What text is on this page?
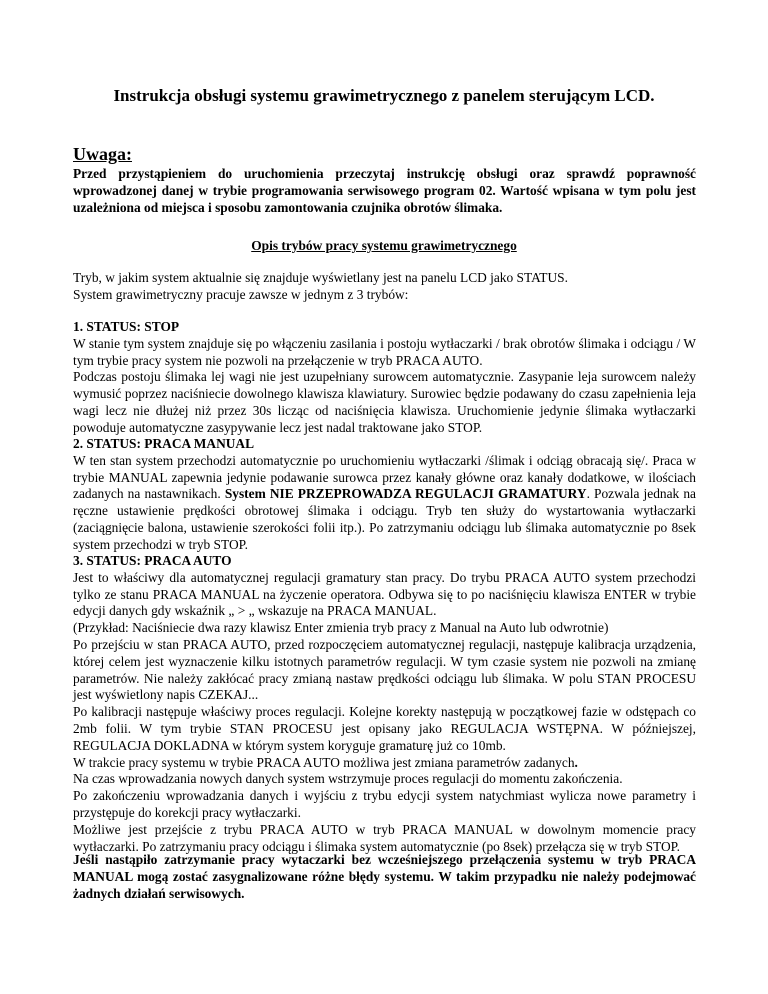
Instrukcja obsługi systemu grawimetrycznego z panelem sterującym LCD.
Uwaga:

Przed przystąpieniem do uruchomienia przeczytaj instrukcję obsługi oraz sprawdź poprawność wprowadzonej danej w trybie programowania serwisowego program 02. Wartość wpisana w tym polu jest uzależniona od miejsca i sposobu zamontowania czujnika obrotów ślimaka.

Opis trybów pracy systemu grawimetrycznego

Tryb, w jakim system aktualnie się znajduje wyświetlany jest na panelu LCD jako STATUS.

System grawimetryczny pracuje zawsze w jednym z 3 trybów:

1. STATUS: STOP

W stanie tym system znajduje się po włączeniu zasilania i postoju wytłaczarki / brak obrotów ślimaka i odciągu / W tym trybie pracy system nie pozwoli na przełączenie w tryb PRACA AUTO.

Podczas postoju ślimaka lej wagi nie jest uzupełniany surowcem automatycznie. Zasypanie leja surowcem należy wymusić poprzez naciśniecie dowolnego klawisza klawiatury. Surowiec będzie podawany do czasu zapełnienia leja wagi lecz nie dłużej niż przez 30s licząc od naciśnięcia klawisza. Uruchomienie jedynie ślimaka wytłaczarki powoduje automatyczne zasypywanie lecz jest nadal traktowane jako STOP.

2. STATUS: PRACA MANUAL

W ten stan system przechodzi automatycznie po uruchomieniu wytłaczarki /ślimak i odciąg obracają się/. Praca w trybie MANUAL zapewnia jedynie podawanie surowca przez kanały główne oraz kanały dodatkowe, w ilościach zadanych na nastawnikach. System NIE PRZEPROWADZA REGULACJI GRAMATURY. Pozwala jednak na ręczne ustawienie prędkości obrotowej ślimaka i odciągu. Tryb ten służy do wystartowania wytłaczarki (zaciągnięcie balona, ustawienie szerokości folii itp.). Po zatrzymaniu odciągu lub ślimaka automatycznie po 8sek system przechodzi w tryb STOP.

3. STATUS: PRACA AUTO

Jest to właściwy dla automatycznej regulacji gramatury stan pracy. Do trybu PRACA AUTO system przechodzi tylko ze stanu PRACA MANUAL na życzenie operatora. Odbywa się to po naciśnięciu klawisza ENTER w trybie edycji danych gdy wskaźnik „ > „ wskazuje na PRACA MANUAL.

(Przykład: Naciśniecie dwa razy klawisz Enter zmienia tryb pracy z Manual na Auto lub odwrotnie)

Po przejściu w stan PRACA AUTO, przed rozpoczęciem automatycznej regulacji, następuje kalibracja urządzenia, której celem jest wyznaczenie kilku istotnych parametrów regulacji. W tym czasie system nie pozwoli na zmianę parametrów. Nie należy zakłócać pracy zmianą nastaw prędkości odciągu lub ślimaka. W polu STAN PROCESU jest wyświetlony napis CZEKAJ...

Po kalibracji następuje właściwy proces regulacji. Kolejne korekty następują w początkowej fazie w odstępach co 2mb folii. W tym trybie STAN PROCESU jest opisany jako REGULACJA WSTĘPNA. W późniejszej, REGULACJA DOKLADNA w którym system koryguje gramaturę już co 10mb.

W trakcie pracy systemu w trybie PRACA AUTO możliwa jest zmiana parametrów zadanych.

Na czas wprowadzania nowych danych system wstrzymuje proces regulacji do momentu zakończenia.

Po zakończeniu wprowadzania danych i wyjściu z trybu edycji system natychmiast wylicza nowe parametry i przystępuje do korekcji pracy wytłaczarki.

Możliwe jest przejście z trybu PRACA AUTO w tryb PRACA MANUAL w dowolnym momencie pracy wytłaczarki. Po zatrzymaniu pracy odciągu i ślimaka system automatycznie (po 8sek) przełącza się w tryb STOP.

Jeśli nastąpiło zatrzymanie pracy wytaczarki bez wcześniejszego przełączenia systemu w tryb PRACA MANUAL mogą zostać zasygnalizowane różne błędy systemu. W takim przypadku nie należy podejmować żadnych działań serwisowych.
